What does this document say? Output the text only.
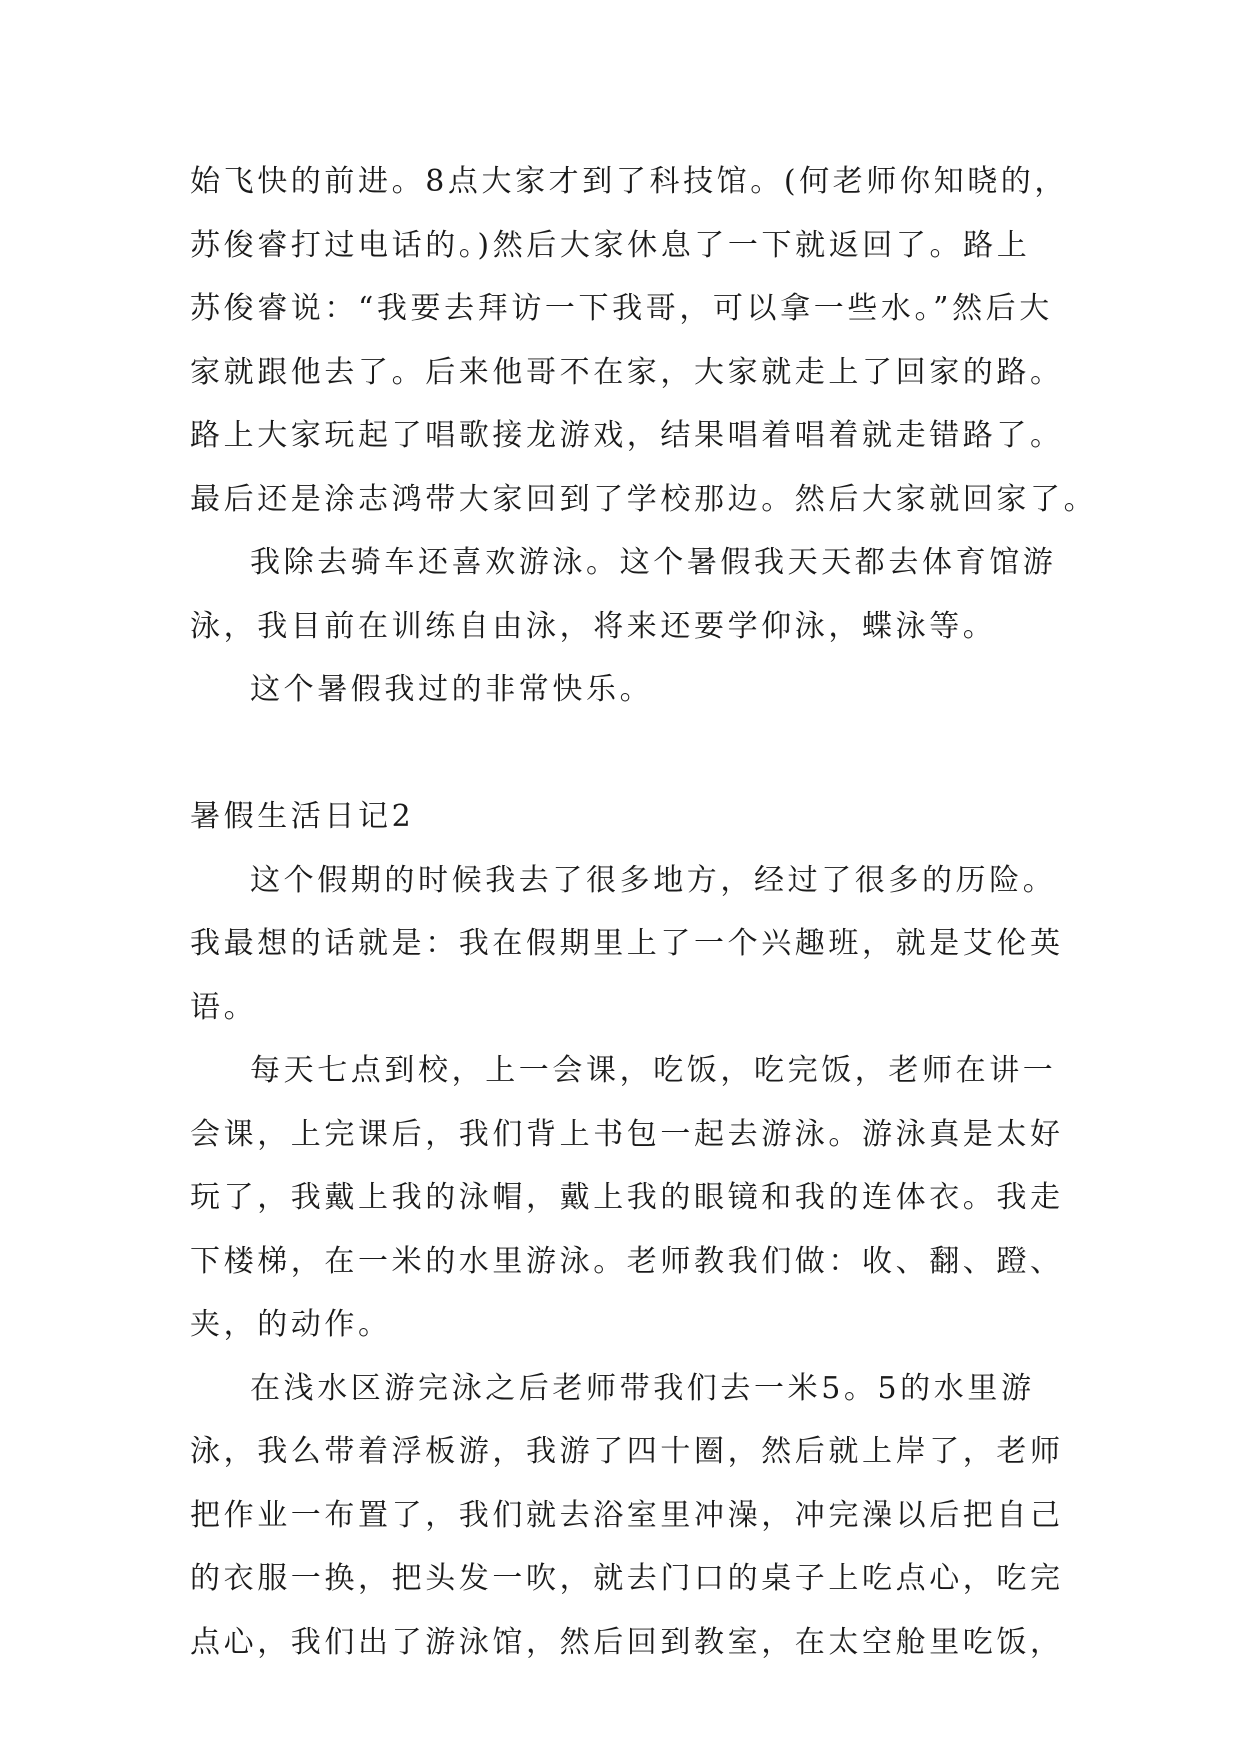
始飞快的前进。8点大家才到了科技馆。(何老师你知晓的，
苏俊睿打过电话的。)然后大家休息了一下就返回了。路上
苏俊睿说：“我要去拜访一下我哥，可以拿一些水。”然后大
家就跟他去了。后来他哥不在家，大家就走上了回家的路。
路上大家玩起了唱歌接龙游戏，结果唱着唱着就走错路了。
最后还是涂志鸿带大家回到了学校那边。然后大家就回家了。
我除去骑车还喜欢游泳。这个暑假我天天都去体育馆游
泳，我目前在训练自由泳，将来还要学仰泳，蝶泳等。
这个暑假我过的非常快乐。
暑假生活日记2
这个假期的时候我去了很多地方，经过了很多的历险。
我最想的话就是：我在假期里上了一个兴趣班，就是艾伦英
语。
每天七点到校，上一会课，吃饭，吃完饭，老师在讲一
会课，上完课后，我们背上书包一起去游泳。游泳真是太好
玩了，我戴上我的泳帽，戴上我的眼镜和我的连体衣。我走
下楼梯，在一米的水里游泳。老师教我们做：收、翻、蹬、
夹，的动作。
在浅水区游完泳之后老师带我们去一米5。5的水里游
泳，我么带着浮板游，我游了四十圈，然后就上岸了，老师
把作业一布置了，我们就去浴室里冲澡，冲完澡以后把自己
的衣服一换，把头发一吹，就去门口的桌子上吃点心，吃完
点心，我们出了游泳馆，然后回到教室，在太空舱里吃饭，
